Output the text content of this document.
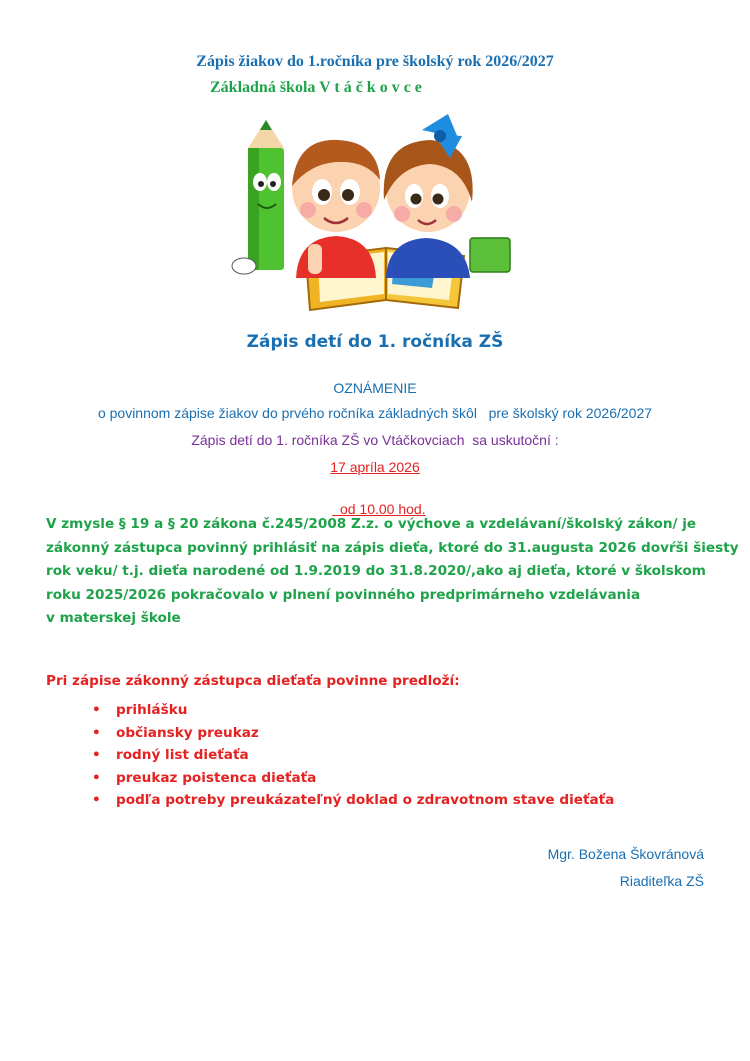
Zápis žiakov do 1.ročníka pre školský rok 2026/2027
Základná škola V t á č k o v c e
Zápis detí do 1. ročníka ZŠ
OZNÁMENIE
o povinnom zápise žiakov do prvého ročníka základných škôl   pre školský rok 2026/2027
Zápis detí do 1. ročníka ZŠ vo Vtáčkovciach  sa uskutoční :
17 apríla 2026

od 10.00 hod.

V zmysle § 19 a § 20 zákona č.245/2008 Z.z. o výchove a vzdelávaní/školský zákon/ je
zákonný zástupca povinný prihlásiť na zápis dieťa, ktoré do 31.augusta 2026 dovŕši šiesty
rok veku/ t.j. dieťa narodené od 1.9.2019 do 31.8.2020/,ako aj dieťa, ktoré v školskom
roku 2025/2026 pokračovalo v plnení povinného predprimárneho vzdelávania
v materskej škole
Pri zápise zákonný zástupca dieťaťa povinne predloží:
• prihlášku
• občiansky preukaz
• rodný list dieťaťa
• preukaz poistenca dieťaťa
• podľa potreby preukázateľný doklad o zdravotnom stave dieťaťa
Mgr. Božena Škovránová
Riaditeľka ZŠ
